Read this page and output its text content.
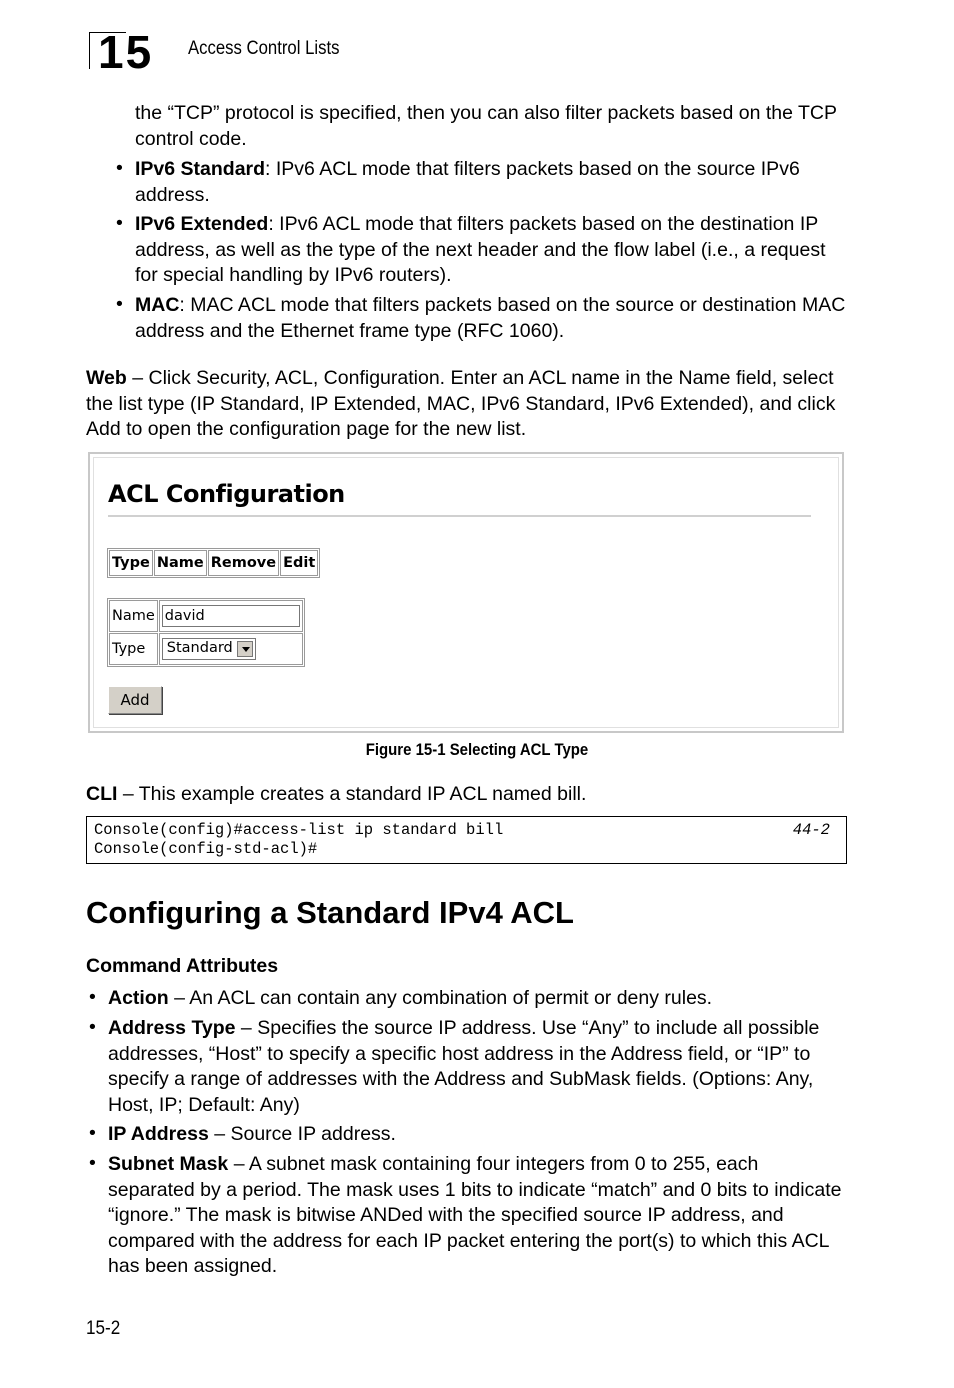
15 Access Control Lists
the “TCP” protocol is specified, then you can also filter packets based on the TCP control code.
• IPv6 Standard: IPv6 ACL mode that filters packets based on the source IPv6 address.

• IPv6 Extended: IPv6 ACL mode that filters packets based on the destination IP address, as well as the type of the next header and the flow label (i.e., a request for special handling by IPv6 routers).

• MAC: MAC ACL mode that filters packets based on the source or destination MAC address and the Ethernet frame type (RFC 1060).

Web – Click Security, ACL, Configuration. Enter an ACL name in the Name field, select the list type (IP Standard, IP Extended, MAC, IPv6 Standard, IPv6 Extended), and click Add to open the configuration page for the new list.

ACL Configuration
Type	Name	Remove	Edit
Name	david
Type	Standard
Add
Figure 15-1 Selecting ACL Type

CLI – This example creates a standard IP ACL named bill.

Console(config)#access-list ip standard bill	44-2
Console(config-std-acl)#
Configuring a Standard IPv4 ACL
Command Attributes
• Action – An ACL can contain any combination of permit or deny rules.

• Address Type – Specifies the source IP address. Use “Any” to include all possible addresses, “Host” to specify a specific host address in the Address field, or “IP” to specify a range of addresses with the Address and SubMask fields. (Options: Any, Host, IP; Default: Any)

• IP Address – Source IP address.

• Subnet Mask – A subnet mask containing four integers from 0 to 255, each separated by a period. The mask uses 1 bits to indicate “match” and 0 bits to indicate “ignore.” The mask is bitwise ANDed with the specified source IP address, and compared with the address for each IP packet entering the port(s) to which this ACL has been assigned.

15-2
